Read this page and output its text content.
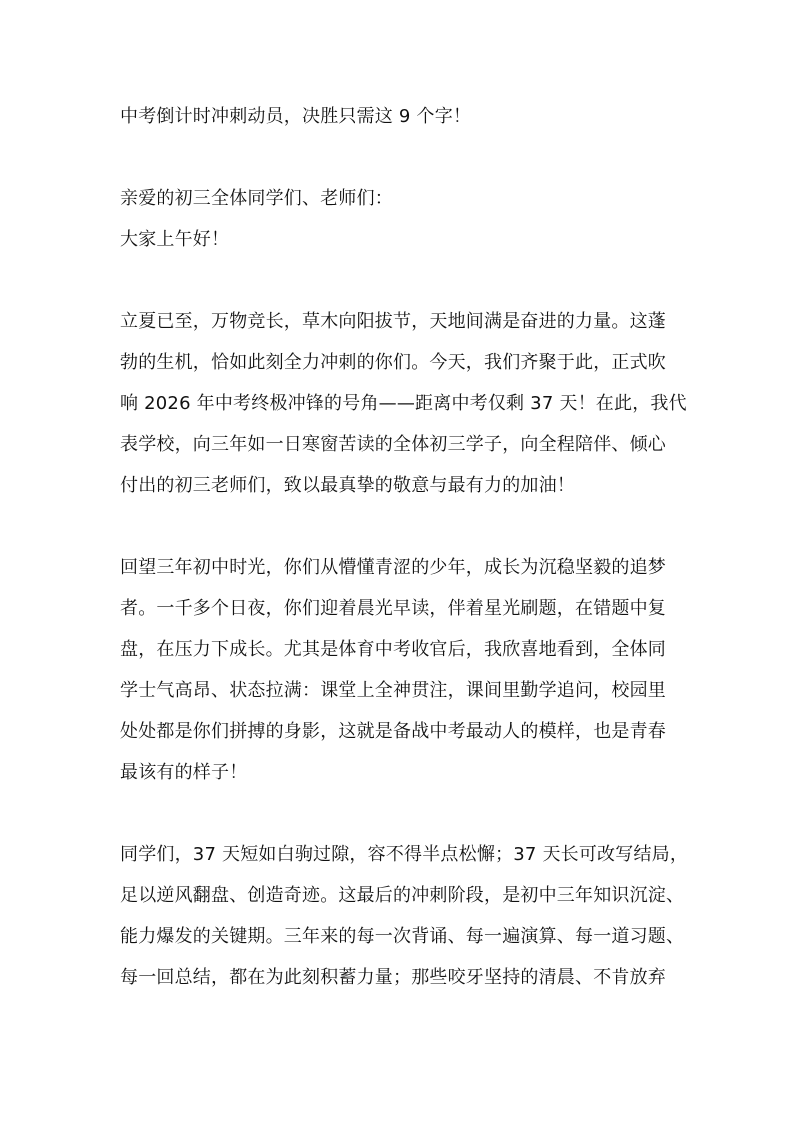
中考倒计时冲刺动员，决胜只需这 9 个字！
亲爱的初三全体同学们、老师们：
大家上午好！
立夏已至，万物竞长，草木向阳拔节，天地间满是奋进的力量。这蓬
勃的生机，恰如此刻全力冲刺的你们。今天，我们齐聚于此，正式吹
响 2026 年中考终极冲锋的号角——距离中考仅剩 37 天！在此，我代
表学校，向三年如一日寒窗苦读的全体初三学子，向全程陪伴、倾心
付出的初三老师们，致以最真挚的敬意与最有力的加油！
回望三年初中时光，你们从懵懂青涩的少年，成长为沉稳坚毅的追梦
者。一千多个日夜，你们迎着晨光早读，伴着星光刷题，在错题中复
盘，在压力下成长。尤其是体育中考收官后，我欣喜地看到，全体同
学士气高昂、状态拉满：课堂上全神贯注，课间里勤学追问，校园里
处处都是你们拼搏的身影，这就是备战中考最动人的模样，也是青春
最该有的样子！
同学们，37 天短如白驹过隙，容不得半点松懈；37 天长可改写结局，
足以逆风翻盘、创造奇迹。这最后的冲刺阶段，是初中三年知识沉淀、
能力爆发的关键期。三年来的每一次背诵、每一遍演算、每一道习题、
每一回总结，都在为此刻积蓄力量；那些咬牙坚持的清晨、不肯放弃
